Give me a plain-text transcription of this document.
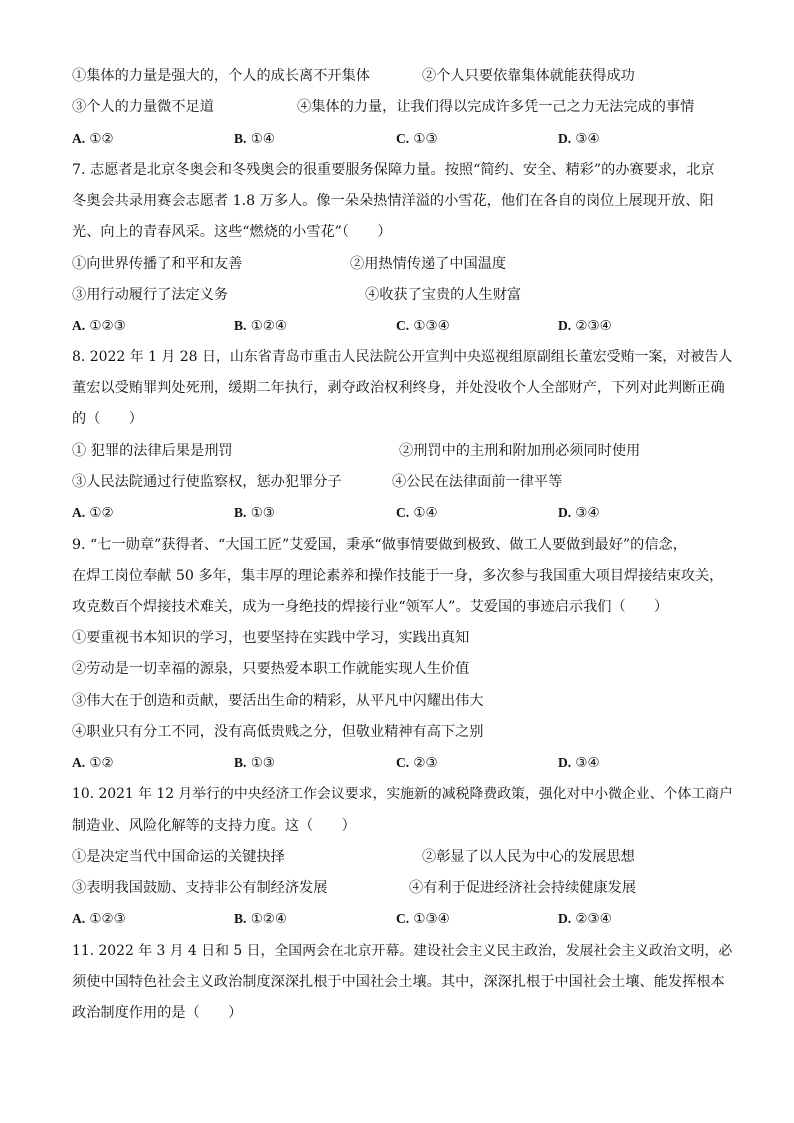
①集体的力量是强大的，个人的成长离不开集体	②个人只要依靠集体就能获得成功
③个人的力量微不足道	④集体的力量，让我们得以完成许多凭一己之力无法完成的事情
A. ①②	B. ①④	C. ①③	D. ③④
7. 志愿者是北京冬奥会和冬残奥会的很重要服务保障力量。按照“简约、安全、精彩”的办赛要求，北京
冬奥会共录用赛会志愿者 1.8 万多人。像一朵朵热情洋溢的小雪花，他们在各自的岗位上展现开放、阳
光、向上的青春风采。这些“燃烧的小雪花”（　　）
①向世界传播了和平和友善	②用热情传递了中国温度
③用行动履行了法定义务	④收获了宝贵的人生财富
A. ①②③	B. ①②④	C. ①③④	D. ②③④
8. 2022 年 1 月 28 日，山东省青岛市重击人民法院公开宣判中央巡视组原副组长董宏受贿一案，对被告人
董宏以受贿罪判处死刑，缓期二年执行，剥夺政治权利终身，并处没收个人全部财产，下列对此判断正确
的（　　）
① 犯罪的法律后果是刑罚	②刑罚中的主刑和附加刑必须同时使用
③人民法院通过行使监察权，惩办犯罪分子	④公民在法律面前一律平等
A. ①②	B. ①③	C. ①④	D. ③④
9. “七一勋章”获得者、“大国工匠”艾爱国，秉承“做事情要做到极致、做工人要做到最好”的信念，
在焊工岗位奉献 50 多年，集丰厚的理论素养和操作技能于一身，多次参与我国重大项目焊接结束攻关，
攻克数百个焊接技术难关，成为一身绝技的焊接行业“领军人”。艾爱国的事迹启示我们（　　）
①要重视书本知识的学习，也要坚持在实践中学习，实践出真知
②劳动是一切幸福的源泉，只要热爱本职工作就能实现人生价值
③伟大在于创造和贡献，要活出生命的精彩，从平凡中闪耀出伟大
④职业只有分工不同，没有高低贵贱之分，但敬业精神有高下之别
A. ①②	B. ①③	C. ②③	D. ③④
10. 2021 年 12 月举行的中央经济工作会议要求，实施新的减税降费政策，强化对中小微企业、个体工商户
制造业、风险化解等的支持力度。这（　　）
①是决定当代中国命运的关键抉择	②彰显了以人民为中心的发展思想
③表明我国鼓励、支持非公有制经济发展	④有利于促进经济社会持续健康发展
A. ①②③	B. ①②④	C. ①③④	D. ②③④
11. 2022 年 3 月 4 日和 5 日，全国两会在北京开幕。建设社会主义民主政治，发展社会主义政治文明，必
须使中国特色社会主义政治制度深深扎根于中国社会土壤。其中，深深扎根于中国社会土壤、能发挥根本
政治制度作用的是（　　）
